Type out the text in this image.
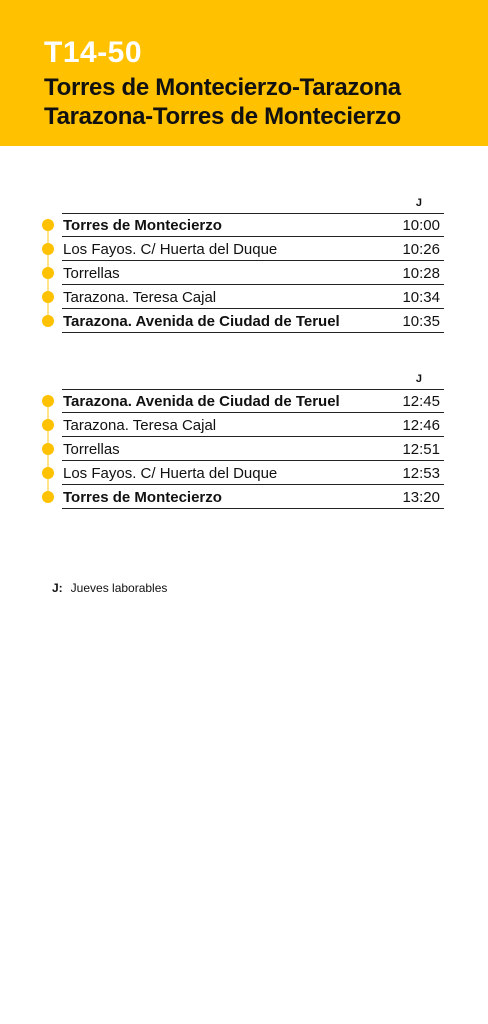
T14-50
Torres de Montecierzo-Tarazona
Tarazona-Torres de Montecierzo
J
Torres de Montecierzo	10:00
Los Fayos. C/ Huerta del Duque	10:26
Torrellas	10:28
Tarazona. Teresa Cajal	10:34
Tarazona. Avenida de Ciudad de Teruel	10:35
J
Tarazona. Avenida de Ciudad de Teruel	12:45
Tarazona. Teresa Cajal	12:46
Torrellas	12:51
Los Fayos. C/ Huerta del Duque	12:53
Torres de Montecierzo	13:20
J: Jueves laborables
